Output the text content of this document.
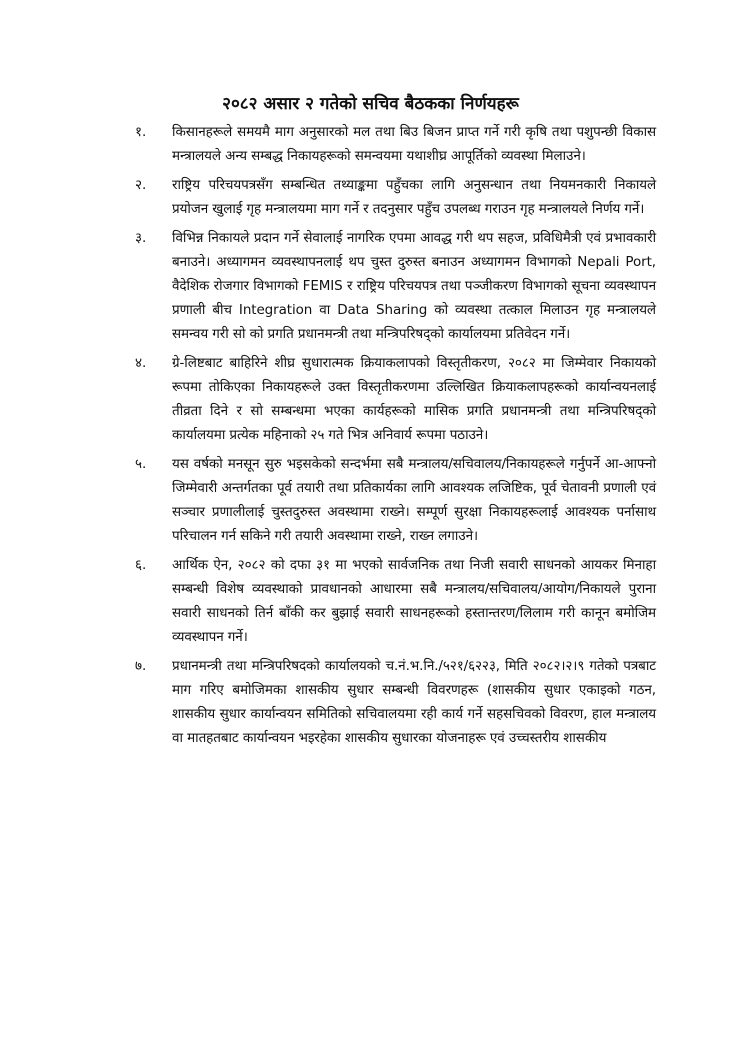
२०८२ असार २ गतेको सचिव बैठकका निर्णयहरू
१. किसानहरूले समयमै माग अनुसारको मल तथा बिउ बिजन प्राप्त गर्ने गरी कृषि तथा पशुपन्छी विकास मन्त्रालयले अन्य सम्बद्ध निकायहरूको समन्वयमा यथाशीघ्र आपूर्तिको व्यवस्था मिलाउने।
२. राष्ट्रिय परिचयपत्रसँग सम्बन्धित तथ्याङ्कमा पहुँचका लागि अनुसन्धान तथा नियमनकारी निकायले प्रयोजन खुलाई गृह मन्त्रालयमा माग गर्ने र तदनुसार पहुँच उपलब्ध गराउन गृह मन्त्रालयले निर्णय गर्ने।
३. विभिन्न निकायले प्रदान गर्ने सेवालाई नागरिक एपमा आवद्ध गरी थप सहज, प्रविधिमैत्री एवं प्रभावकारी बनाउने। अध्यागमन व्यवस्थापनलाई थप चुस्त दुरुस्त बनाउन अध्यागमन विभागको Nepali Port, वैदेशिक रोजगार विभागको FEMIS र राष्ट्रिय परिचयपत्र तथा पञ्जीकरण विभागको सूचना व्यवस्थापन प्रणाली बीच Integration वा Data Sharing को व्यवस्था तत्काल मिलाउन गृह मन्त्रालयले समन्वय गरी सो को प्रगति प्रधानमन्त्री तथा मन्त्रिपरिषद्को कार्यालयमा प्रतिवेदन गर्ने।
४. ग्रे-लिष्टबाट बाहिरिने शीघ्र सुधारात्मक क्रियाकलापको विस्तृतीकरण, २०८२ मा जिम्मेवार निकायको रूपमा तोकिएका निकायहरूले उक्त विस्तृतीकरणमा उल्लिखित क्रियाकलापहरूको कार्यान्वयनलाई तीव्रता दिने र सो सम्बन्धमा भएका कार्यहरूको मासिक प्रगति प्रधानमन्त्री तथा मन्त्रिपरिषद्को कार्यालयमा प्रत्येक महिनाको २५ गते भित्र अनिवार्य रूपमा पठाउने।
५. यस वर्षको मनसून सुरु भइसकेको सन्दर्भमा सबै मन्त्रालय/सचिवालय/निकायहरूले गर्नुपर्ने आ-आफ्नो जिम्मेवारी अन्तर्गतका पूर्व तयारी तथा प्रतिकार्यका लागि आवश्यक लजिष्टिक, पूर्व चेतावनी प्रणाली एवं सञ्चार प्रणालीलाई चुस्तदुरुस्त अवस्थामा राख्ने। सम्पूर्ण सुरक्षा निकायहरूलाई आवश्यक पर्नासाथ परिचालन गर्न सकिने गरी तयारी अवस्थामा राख्ने, राख्न लगाउने।
६. आर्थिक ऐन, २०८२ को दफा ३१ मा भएको सार्वजनिक तथा निजी सवारी साधनको आयकर मिनाहा सम्बन्धी विशेष व्यवस्थाको प्रावधानको आधारमा सबै मन्त्रालय/सचिवालय/आयोग/निकायले पुराना सवारी साधनको तिर्न बाँकी कर बुझाई सवारी साधनहरूको हस्तान्तरण/लिलाम गरी कानून बमोजिम व्यवस्थापन गर्ने।
७. प्रधानमन्त्री तथा मन्त्रिपरिषदको कार्यालयको च.नं.भ.नि./५२१/६२२३, मिति २०८२।२।९ गतेको पत्रबाट माग गरिए बमोजिमका शासकीय सुधार सम्बन्धी विवरणहरू (शासकीय सुधार एकाइको गठन, शासकीय सुधार कार्यान्वयन समितिको सचिवालयमा रही कार्य गर्ने सहसचिवको विवरण, हाल मन्त्रालय वा मातहतबाट कार्यान्वयन भइरहेका शासकीय सुधारका योजनाहरू एवं उच्चस्तरीय शासकीय
